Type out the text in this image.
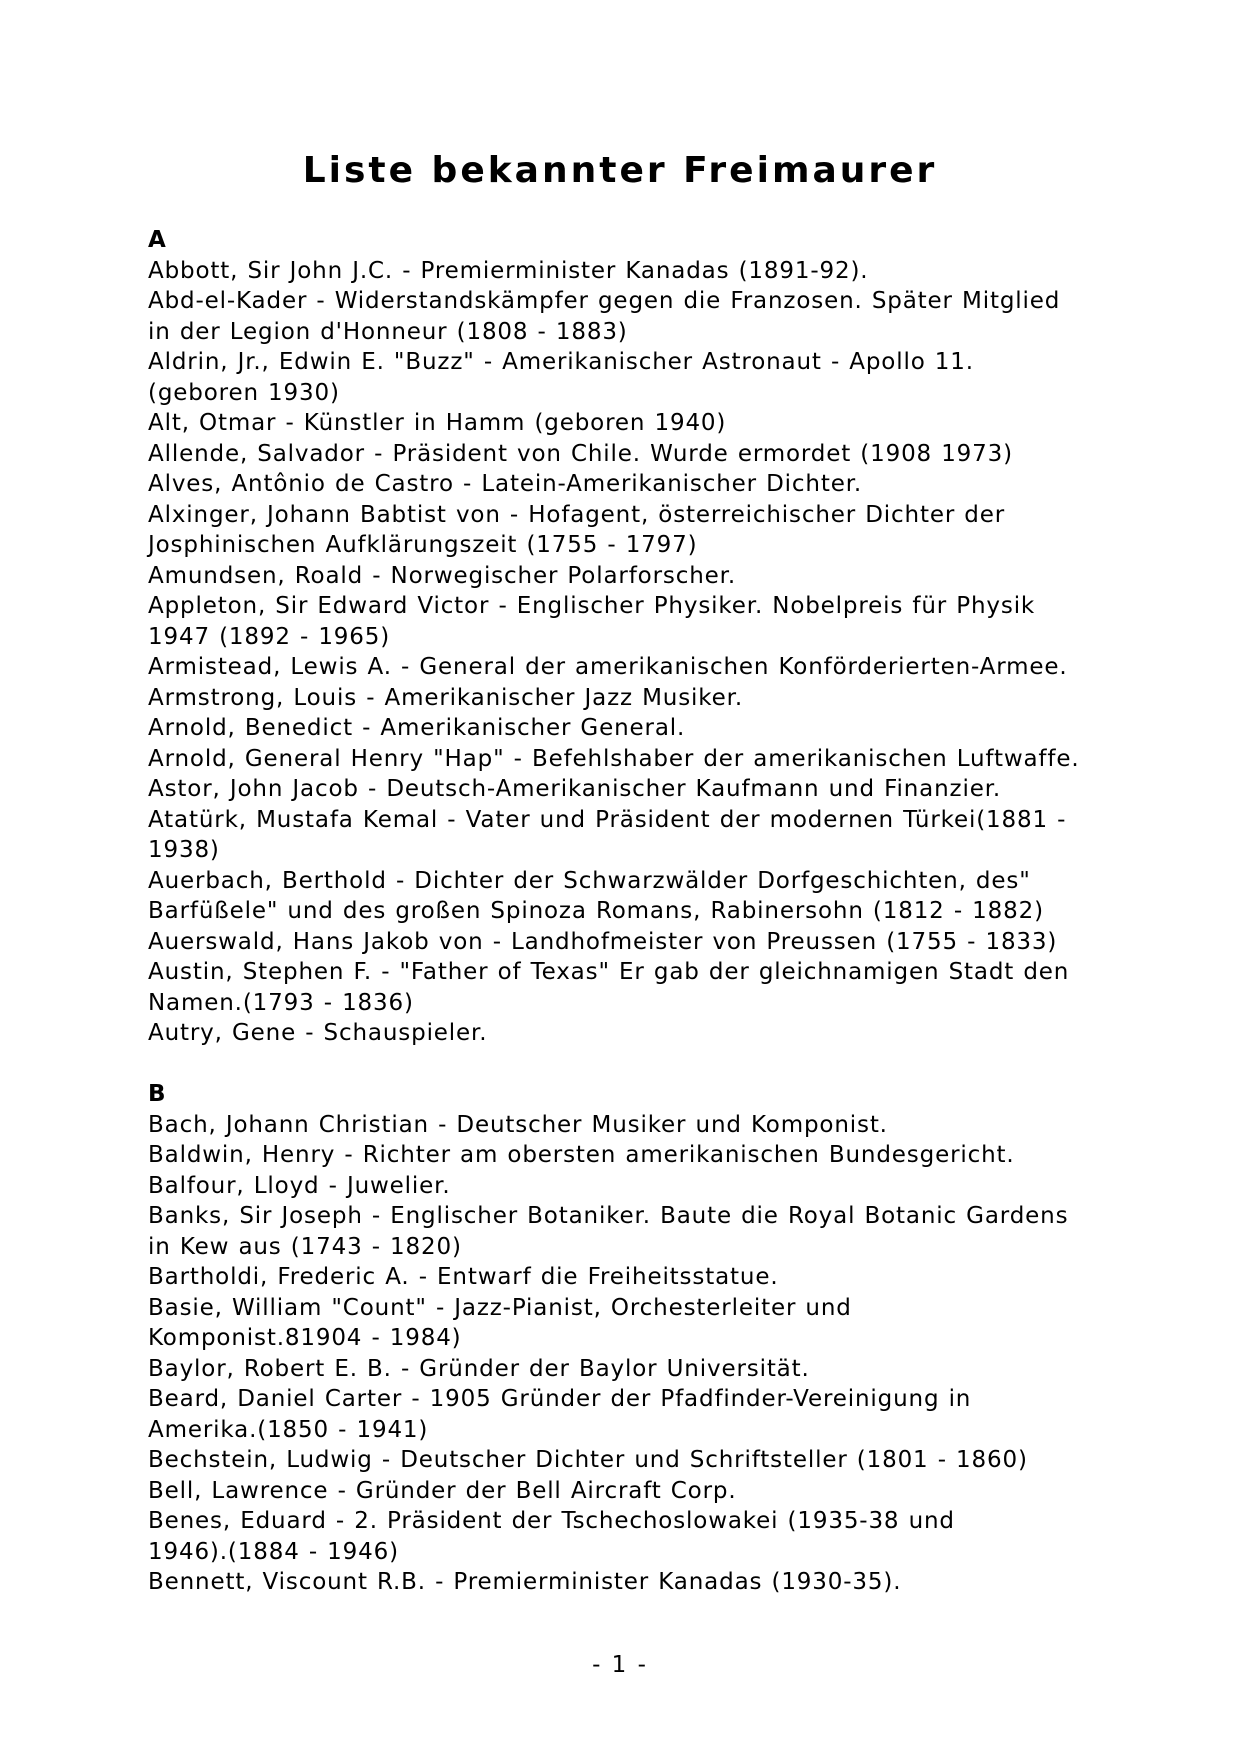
Liste bekannter Freimaurer
A
Abbott, Sir John J.C. - Premierminister Kanadas (1891-92).
Abd-el-Kader - Widerstandskämpfer gegen die Franzosen. Später Mitglied
in der Legion d'Honneur (1808 - 1883)
Aldrin, Jr., Edwin E. "Buzz" - Amerikanischer Astronaut - Apollo 11.
(geboren 1930)
Alt, Otmar - Künstler in Hamm (geboren 1940)
Allende, Salvador - Präsident von Chile. Wurde ermordet (1908 1973)
Alves, Antônio de Castro - Latein-Amerikanischer Dichter.
Alxinger, Johann Babtist von - Hofagent, österreichischer Dichter der
Josphinischen Aufklärungszeit (1755 - 1797)
Amundsen, Roald - Norwegischer Polarforscher.
Appleton, Sir Edward Victor - Englischer Physiker. Nobelpreis für Physik
1947 (1892 - 1965)
Armistead, Lewis A. - General der amerikanischen Konförderierten-Armee.
Armstrong, Louis - Amerikanischer Jazz Musiker.
Arnold, Benedict - Amerikanischer General.
Arnold, General Henry "Hap" - Befehlshaber der amerikanischen Luftwaffe.
Astor, John Jacob - Deutsch-Amerikanischer Kaufmann und Finanzier.
Atatürk, Mustafa Kemal - Vater und Präsident der modernen Türkei(1881 -
1938)
Auerbach, Berthold - Dichter der Schwarzwälder Dorfgeschichten, des"
Barfüßele" und des großen Spinoza Romans, Rabinersohn (1812 - 1882)
Auerswald, Hans Jakob von - Landhofmeister von Preussen (1755 - 1833)
Austin, Stephen F. - "Father of Texas" Er gab der gleichnamigen Stadt den
Namen.(1793 - 1836)
Autry, Gene - Schauspieler.
B
Bach, Johann Christian - Deutscher Musiker und Komponist.
Baldwin, Henry - Richter am obersten amerikanischen Bundesgericht.
Balfour, Lloyd - Juwelier.
Banks, Sir Joseph - Englischer Botaniker. Baute die Royal Botanic Gardens
in Kew aus (1743 - 1820)
Bartholdi, Frederic A. - Entwarf die Freiheitsstatue.
Basie, William "Count" - Jazz-Pianist, Orchesterleiter und
Komponist.81904 - 1984)
Baylor, Robert E. B. - Gründer der Baylor Universität.
Beard, Daniel Carter - 1905 Gründer der Pfadfinder-Vereinigung in
Amerika.(1850 - 1941)
Bechstein, Ludwig - Deutscher Dichter und Schriftsteller (1801 - 1860)
Bell, Lawrence - Gründer der Bell Aircraft Corp.
Benes, Eduard - 2. Präsident der Tschechoslowakei (1935-38 und
1946).(1884 - 1946)
Bennett, Viscount R.B. - Premierminister Kanadas (1930-35).
- 1 -
